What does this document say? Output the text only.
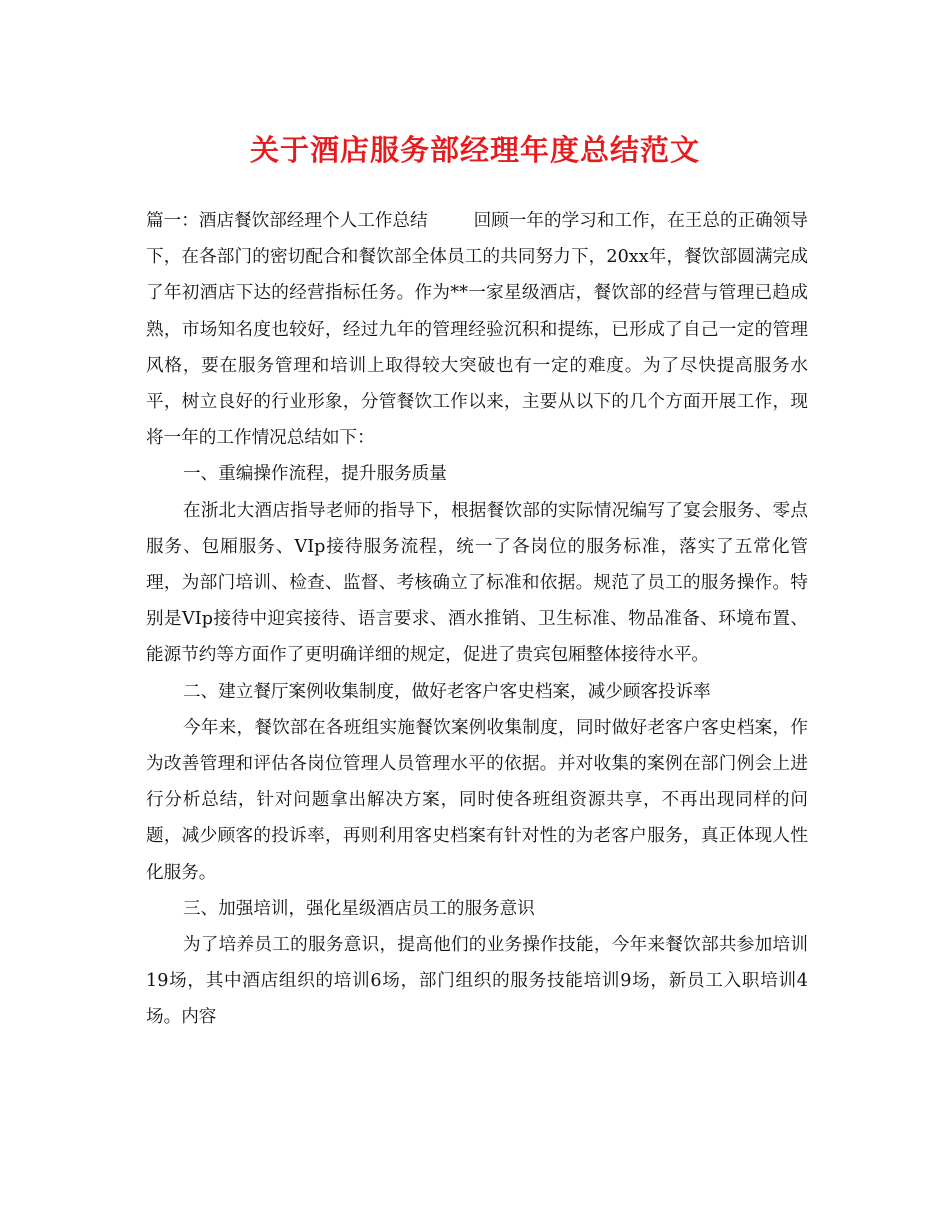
关于酒店服务部经理年度总结范文

篇一：酒店餐饮部经理个人工作总结	回顾一年的学习和工作，在王总的正确领导下，在各部门的密切配合和餐饮部全体员工的共同努力下，20xx年，餐饮部圆满完成了年初酒店下达的经营指标任务。作为**一家星级酒店，餐饮部的经营与管理已趋成熟，市场知名度也较好，经过九年的管理经验沉积和提练，已形成了自己一定的管理风格，要在服务管理和培训上取得较大突破也有一定的难度。为了尽快提高服务水平，树立良好的行业形象，分管餐饮工作以来，主要从以下的几个方面开展工作，现将一年的工作情况总结如下：

一、重编操作流程，提升服务质量

在浙北大酒店指导老师的指导下，根据餐饮部的实际情况编写了宴会服务、零点服务、包厢服务、VIp接待服务流程，统一了各岗位的服务标准，落实了五常化管理，为部门培训、检查、监督、考核确立了标准和依据。规范了员工的服务操作。特别是VIp接待中迎宾接待、语言要求、酒水推销、卫生标准、物品准备、环境布置、能源节约等方面作了更明确详细的规定，促进了贵宾包厢整体接待水平。

二、建立餐厅案例收集制度，做好老客户客史档案，减少顾客投诉率

今年来，餐饮部在各班组实施餐饮案例收集制度，同时做好老客户客史档案，作为改善管理和评估各岗位管理人员管理水平的依据。并对收集的案例在部门例会上进行分析总结，针对问题拿出解决方案，同时使各班组资源共享，不再出现同样的问题，减少顾客的投诉率，再则利用客史档案有针对性的为老客户服务，真正体现人性化服务。

三、加强培训，强化星级酒店员工的服务意识

为了培养员工的服务意识，提高他们的业务操作技能，今年来餐饮部共参加培训19场，其中酒店组织的培训6场，部门组织的服务技能培训9场，新员工入职培训4场。内容
